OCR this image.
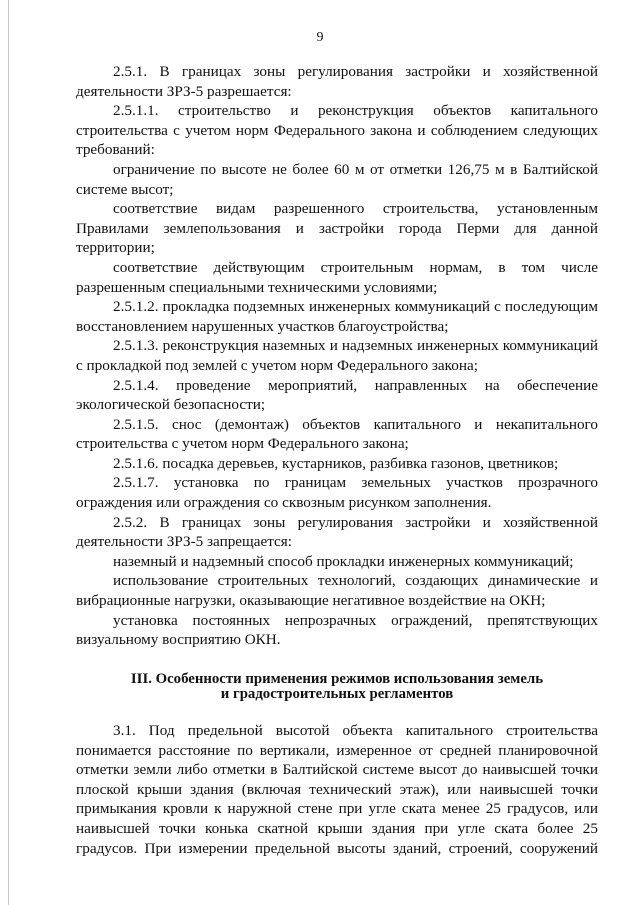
9

2.5.1. В границах зоны регулирования застройки и хозяйственной деятельности ЗРЗ-5 разрешается:

2.5.1.1. строительство и реконструкция объектов капитального строительства с учетом норм Федерального закона и соблюдением следующих требований:

ограничение по высоте не более 60 м от отметки 126,75 м в Балтийской системе высот;

соответствие видам разрешенного строительства, установленным Правилами землепользования и застройки города Перми для данной территории;

соответствие действующим строительным нормам, в том числе разрешенным специальными техническими условиями;

2.5.1.2. прокладка подземных инженерных коммуникаций с последующим восстановлением нарушенных участков благоустройства;

2.5.1.3. реконструкция наземных и надземных инженерных коммуникаций с прокладкой под землей с учетом норм Федерального закона;

2.5.1.4. проведение мероприятий, направленных на обеспечение экологической безопасности;

2.5.1.5. снос (демонтаж) объектов капитального и некапитального строительства с учетом норм Федерального закона;

2.5.1.6. посадка деревьев, кустарников, разбивка газонов, цветников;

2.5.1.7. установка по границам земельных участков прозрачного ограждения или ограждения со сквозным рисунком заполнения.

2.5.2. В границах зоны регулирования застройки и хозяйственной деятельности ЗРЗ-5 запрещается:

наземный и надземный способ прокладки инженерных коммуникаций;

использование строительных технологий, создающих динамические и вибрационные нагрузки, оказывающие негативное воздействие на ОКН;

установка постоянных непрозрачных ограждений, препятствующих визуальному восприятию ОКН.

III. Особенности применения режимов использования земель
и градостроительных регламентов

3.1. Под предельной высотой объекта капитального строительства понимается расстояние по вертикали, измеренное от средней планировочной отметки земли либо отметки в Балтийской системе высот до наивысшей точки плоской крыши здания (включая технический этаж), или наивысшей точки примыкания кровли к наружной стене при угле ската менее 25 градусов, или наивысшей точки конька скатной крыши здания при угле ската более 25 градусов. При измерении предельной высоты зданий, строений, сооружений
